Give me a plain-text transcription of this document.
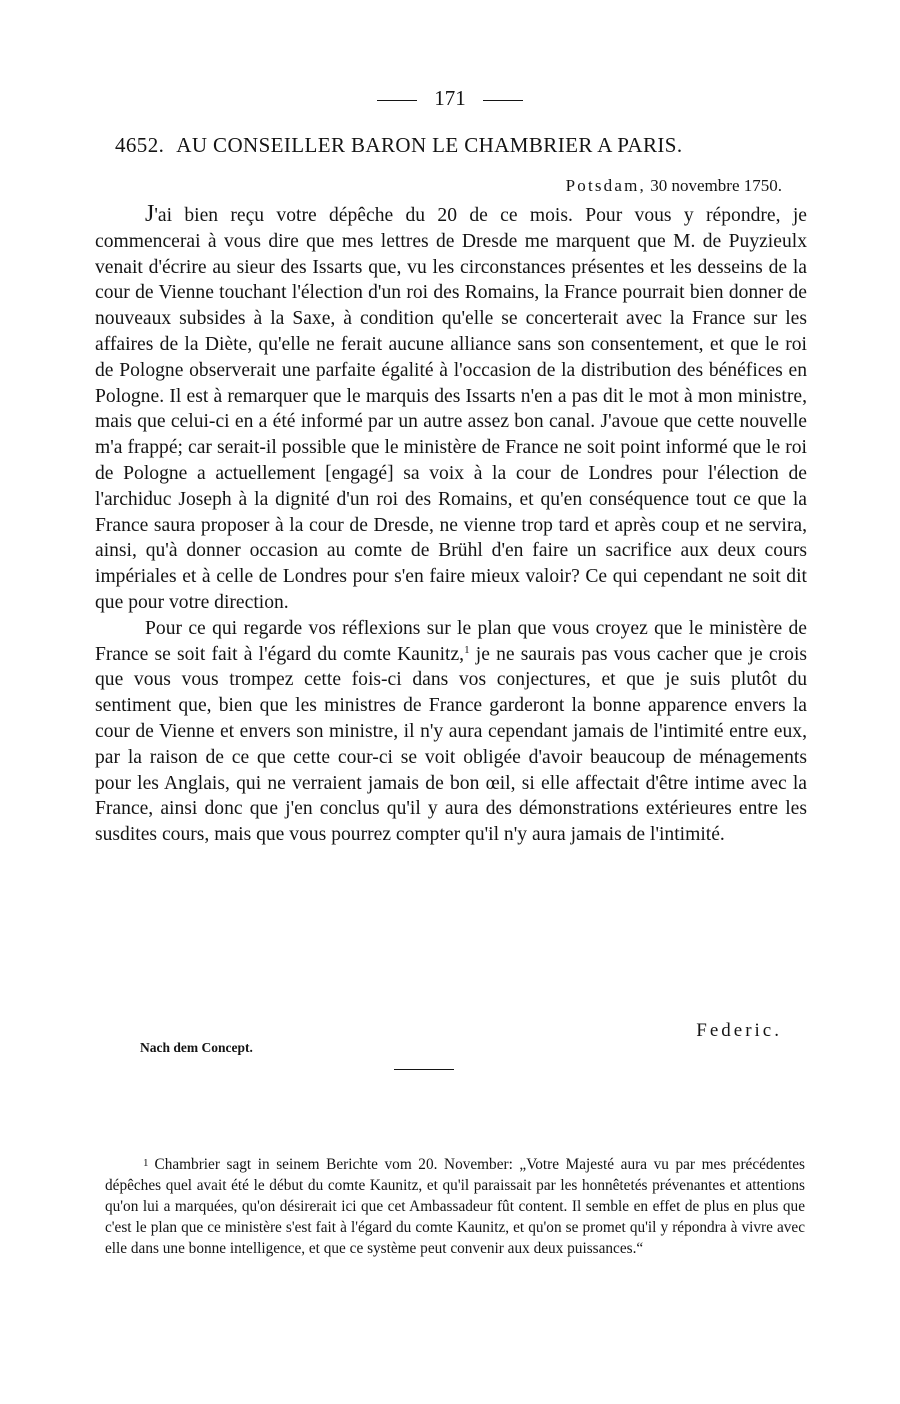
171
4652. AU CONSEILLER BARON LE CHAMBRIER A PARIS.
Potsdam, 30 novembre 1750.

J'ai bien reçu votre dépêche du 20 de ce mois. Pour vous y répondre, je commencerai à vous dire que mes lettres de Dresde me marquent que M. de Puyzieulx venait d'écrire au sieur des Issarts que, vu les circonstances présentes et les desseins de la cour de Vienne touchant l'élection d'un roi des Romains, la France pourrait bien donner de nouveaux subsides à la Saxe, à condition qu'elle se concerterait avec la France sur les affaires de la Diète, qu'elle ne ferait aucune alliance sans son consentement, et que le roi de Pologne observerait une parfaite égalité à l'occasion de la distribution des bénéfices en Pologne. Il est à remarquer que le marquis des Issarts n'en a pas dit le mot à mon ministre, mais que celui-ci en a été informé par un autre assez bon canal. J'avoue que cette nouvelle m'a frappé; car serait-il possible que le ministère de France ne soit point informé que le roi de Pologne a actuellement [engagé] sa voix à la cour de Londres pour l'élection de l'archiduc Joseph à la dignité d'un roi des Romains, et qu'en conséquence tout ce que la France saura proposer à la cour de Dresde, ne vienne trop tard et après coup et ne servira, ainsi, qu'à donner occasion au comte de Brühl d'en faire un sacrifice aux deux cours impériales et à celle de Londres pour s'en faire mieux valoir? Ce qui cependant ne soit dit que pour votre direction.

Pour ce qui regarde vos réflexions sur le plan que vous croyez que le ministère de France se soit fait à l'égard du comte Kaunitz,$^1$ je ne saurais pas vous cacher que je crois que vous vous trompez cette fois-ci dans vos conjectures, et que je suis plutôt du sentiment que, bien que les ministres de France garderont la bonne apparence envers la cour de Vienne et envers son ministre, il n'y aura cependant jamais de l'intimité entre eux, par la raison de ce que cette cour-ci se voit obligée d'avoir beaucoup de ménagements pour les Anglais, qui ne verraient jamais de bon œil, si elle affectait d'être intime avec la France, ainsi donc que j'en conclus qu'il y aura des démonstrations extérieures entre les susdites cours, mais que vous pourrez compter qu'il n'y aura jamais de l'intimité.

Federic.
Nach dem Concept.

1 Chambrier sagt in seinem Berichte vom 20. November: „Votre Majesté aura vu par mes précédentes dépêches quel avait été le début du comte Kaunitz, et qu'il paraissait par les honnêtetés prévenantes et attentions qu'on lui a marquées, qu'on désirerait ici que cet Ambassadeur fût content. Il semble en effet de plus en plus que c'est le plan que ce ministère s'est fait à l'égard du comte Kaunitz, et qu'on se promet qu'il y répondra à vivre avec elle dans une bonne intelligence, et que ce système peut convenir aux deux puissances.“
